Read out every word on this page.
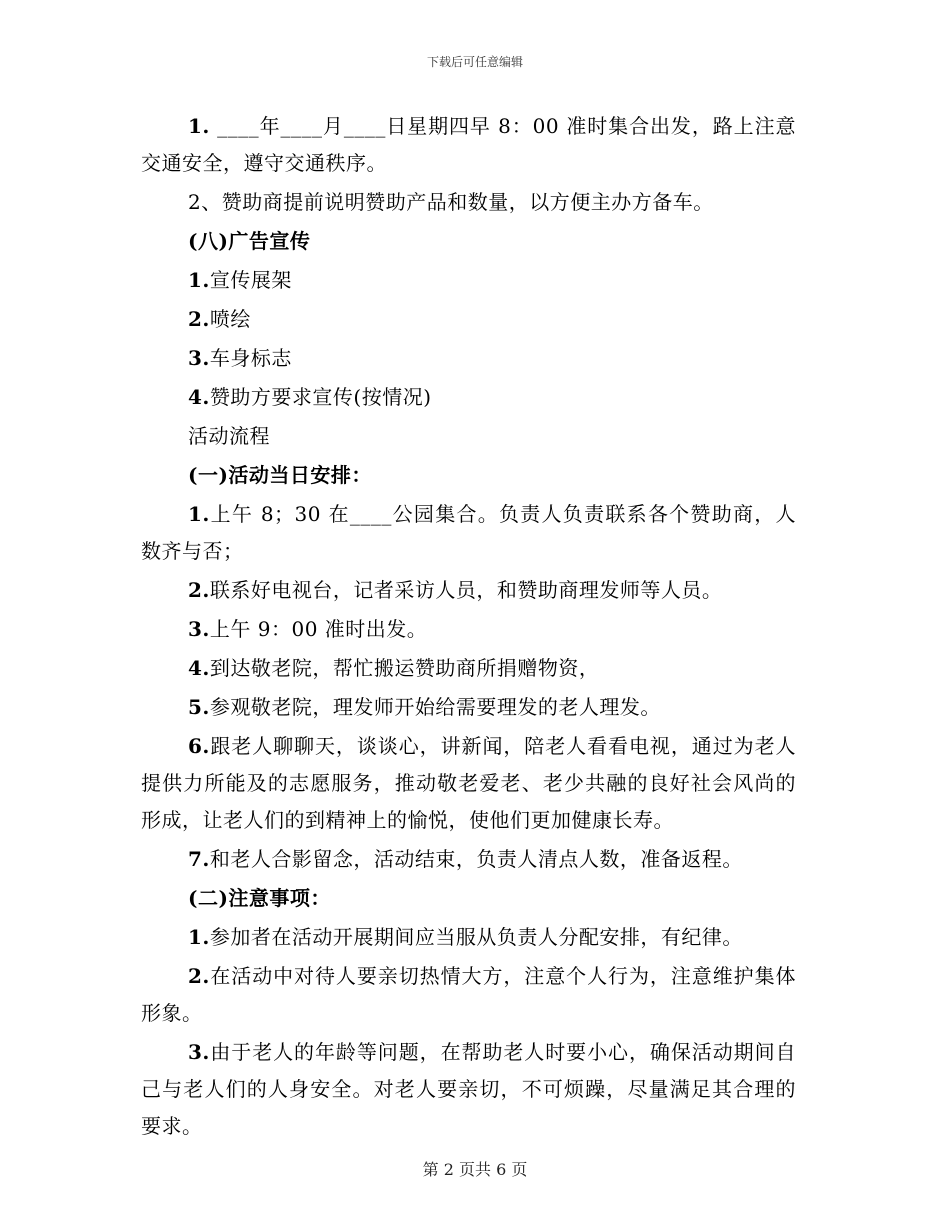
下载后可任意编辑

1. ____年____月____日星期四早 8：00 准时集合出发，路上注意交通安全，遵守交通秩序。

2、赞助商提前说明赞助产品和数量，以方便主办方备车。

(八)广告宣传

1.宣传展架

2.喷绘

3.车身标志

4.赞助方要求宣传(按情况)

活动流程

(一)活动当日安排：

1.上午 8；30 在____公园集合。负责人负责联系各个赞助商，人数齐与否；

2.联系好电视台，记者采访人员，和赞助商理发师等人员。

3.上午 9：00 准时出发。

4.到达敬老院，帮忙搬运赞助商所捐赠物资，

5.参观敬老院，理发师开始给需要理发的老人理发。

6.跟老人聊聊天，谈谈心，讲新闻，陪老人看看电视，通过为老人提供力所能及的志愿服务，推动敬老爱老、老少共融的良好社会风尚的形成，让老人们的到精神上的愉悦，使他们更加健康长寿。

7.和老人合影留念，活动结束，负责人清点人数，准备返程。

(二)注意事项：

1.参加者在活动开展期间应当服从负责人分配安排，有纪律。

2.在活动中对待人要亲切热情大方，注意个人行为，注意维护集体形象。

3.由于老人的年龄等问题，在帮助老人时要小心，确保活动期间自己与老人们的人身安全。对老人要亲切，不可烦躁，尽量满足其合理的要求。

第 2 页共 6 页
